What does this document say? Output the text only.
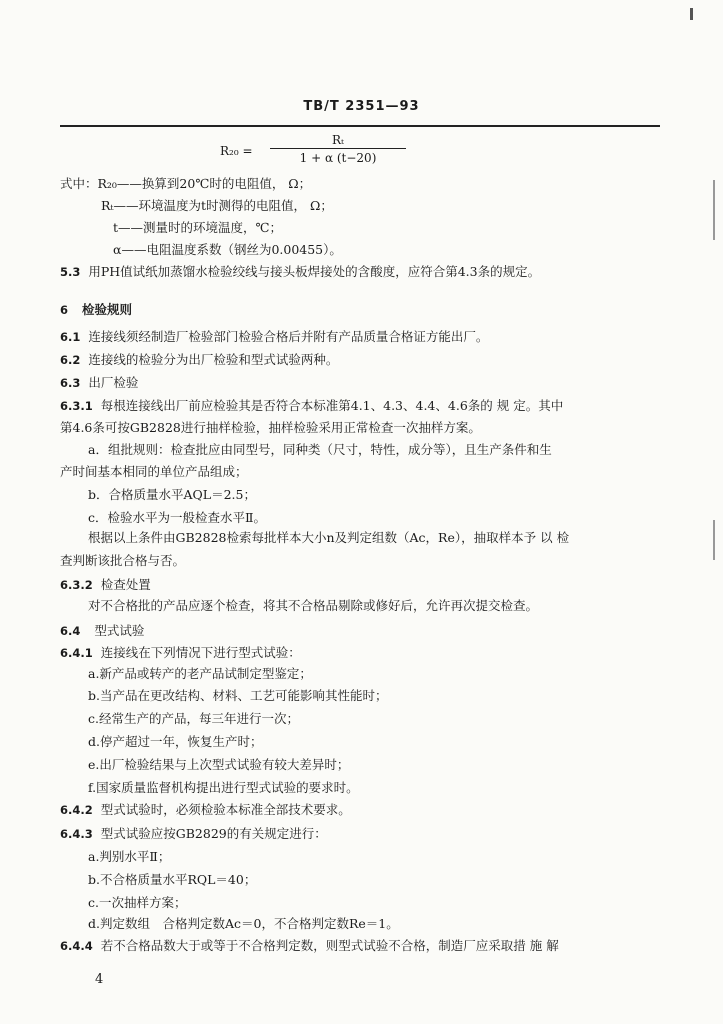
TB/T 2351—93
R₂₀ =
Rₜ
1 + α (t−20)
式中：R₂₀——换算到20℃时的电阻值， Ω；
Rₜ——环境温度为t时测得的电阻值， Ω；
t——测量时的环境温度，℃；
α——电阻温度系数（钢丝为0.00455）。
5.3 用PH值试纸加蒸馏水检验绞线与接头板焊接处的含酸度，应符合第4.3条的规定。
6 检验规则
6.1 连接线须经制造厂检验部门检验合格后并附有产品质量合格证方能出厂。
6.2 连接线的检验分为出厂检验和型式试验两种。
6.3 出厂检验
6.3.1 每根连接线出厂前应检验其是否符合本标准第4.1、4.3、4.4、4.6条的 规 定。其中
第4.6条可按GB2828进行抽样检验，抽样检验采用正常检查一次抽样方案。
a．组批规则：检查批应由同型号，同种类（尺寸，特性，成分等），且生产条件和生
产时间基本相同的单位产品组成；
b．合格质量水平AQL＝2.5；
c．检验水平为一般检查水平Ⅱ。
根据以上条件由GB2828检索每批样本大小n及判定组数（Ac，Re），抽取样本予 以 检
查判断该批合格与否。
6.3.2 检查处置
对不合格批的产品应逐个检查，将其不合格品剔除或修好后，允许再次提交检查。
6.4 型式试验
6.4.1 连接线在下列情况下进行型式试验：
a.新产品或转产的老产品试制定型鉴定；
b.当产品在更改结构、材料、工艺可能影响其性能时；
c.经常生产的产品，每三年进行一次；
d.停产超过一年，恢复生产时；
e.出厂检验结果与上次型式试验有较大差异时；
f.国家质量监督机构提出进行型式试验的要求时。
6.4.2 型式试验时，必须检验本标准全部技术要求。
6.4.3 型式试验应按GB2829的有关规定进行：
a.判别水平Ⅱ；
b.不合格质量水平RQL＝40；
c.一次抽样方案；
d.判定数组　合格判定数Ac＝0，不合格判定数Re＝1。
6.4.4 若不合格品数大于或等于不合格判定数，则型式试验不合格，制造厂应采取措 施 解
4
